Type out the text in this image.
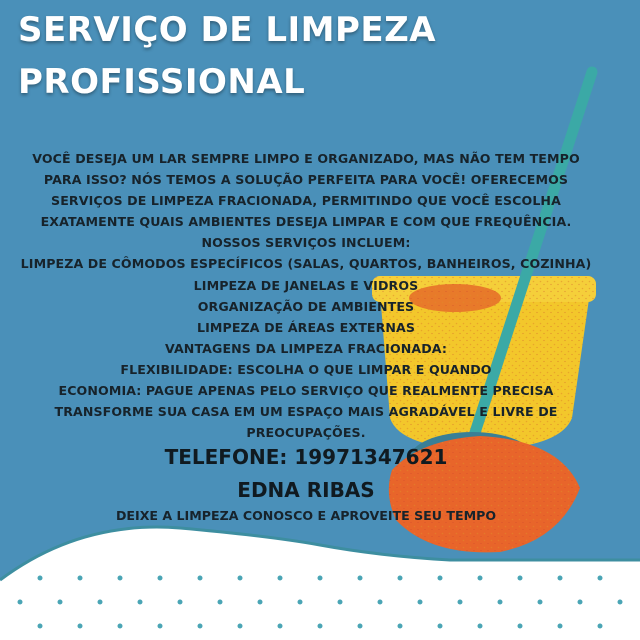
SERVIÇO DE LIMPEZA
PROFISSIONAL
VOCÊ DESEJA UM LAR SEMPRE LIMPO E ORGANIZADO, MAS NÃO TEM TEMPO
PARA ISSO? NÓS TEMOS A SOLUÇÃO PERFEITA PARA VOCÊ! OFERECEMOS
SERVIÇOS DE LIMPEZA FRACIONADA, PERMITINDO QUE VOCÊ ESCOLHA
EXATAMENTE QUAIS AMBIENTES DESEJA LIMPAR E COM QUE FREQUÊNCIA.
NOSSOS SERVIÇOS INCLUEM:
LIMPEZA DE CÔMODOS ESPECÍFICOS (SALAS, QUARTOS, BANHEIROS, COZINHA)
LIMPEZA DE JANELAS E VIDROS
ORGANIZAÇÃO DE AMBIENTES
LIMPEZA DE ÁREAS EXTERNAS
VANTAGENS DA LIMPEZA FRACIONADA:
FLEXIBILIDADE: ESCOLHA O QUE LIMPAR E QUANDO
ECONOMIA: PAGUE APENAS PELO SERVIÇO QUE REALMENTE PRECISA
TRANSFORME SUA CASA EM UM ESPAÇO MAIS AGRADÁVEL E LIVRE DE
PREOCUPAÇÕES.
TELEFONE: 19971347621
EDNA RIBAS
DEIXE A LIMPEZA CONOSCO E APROVEITE SEU TEMPO
